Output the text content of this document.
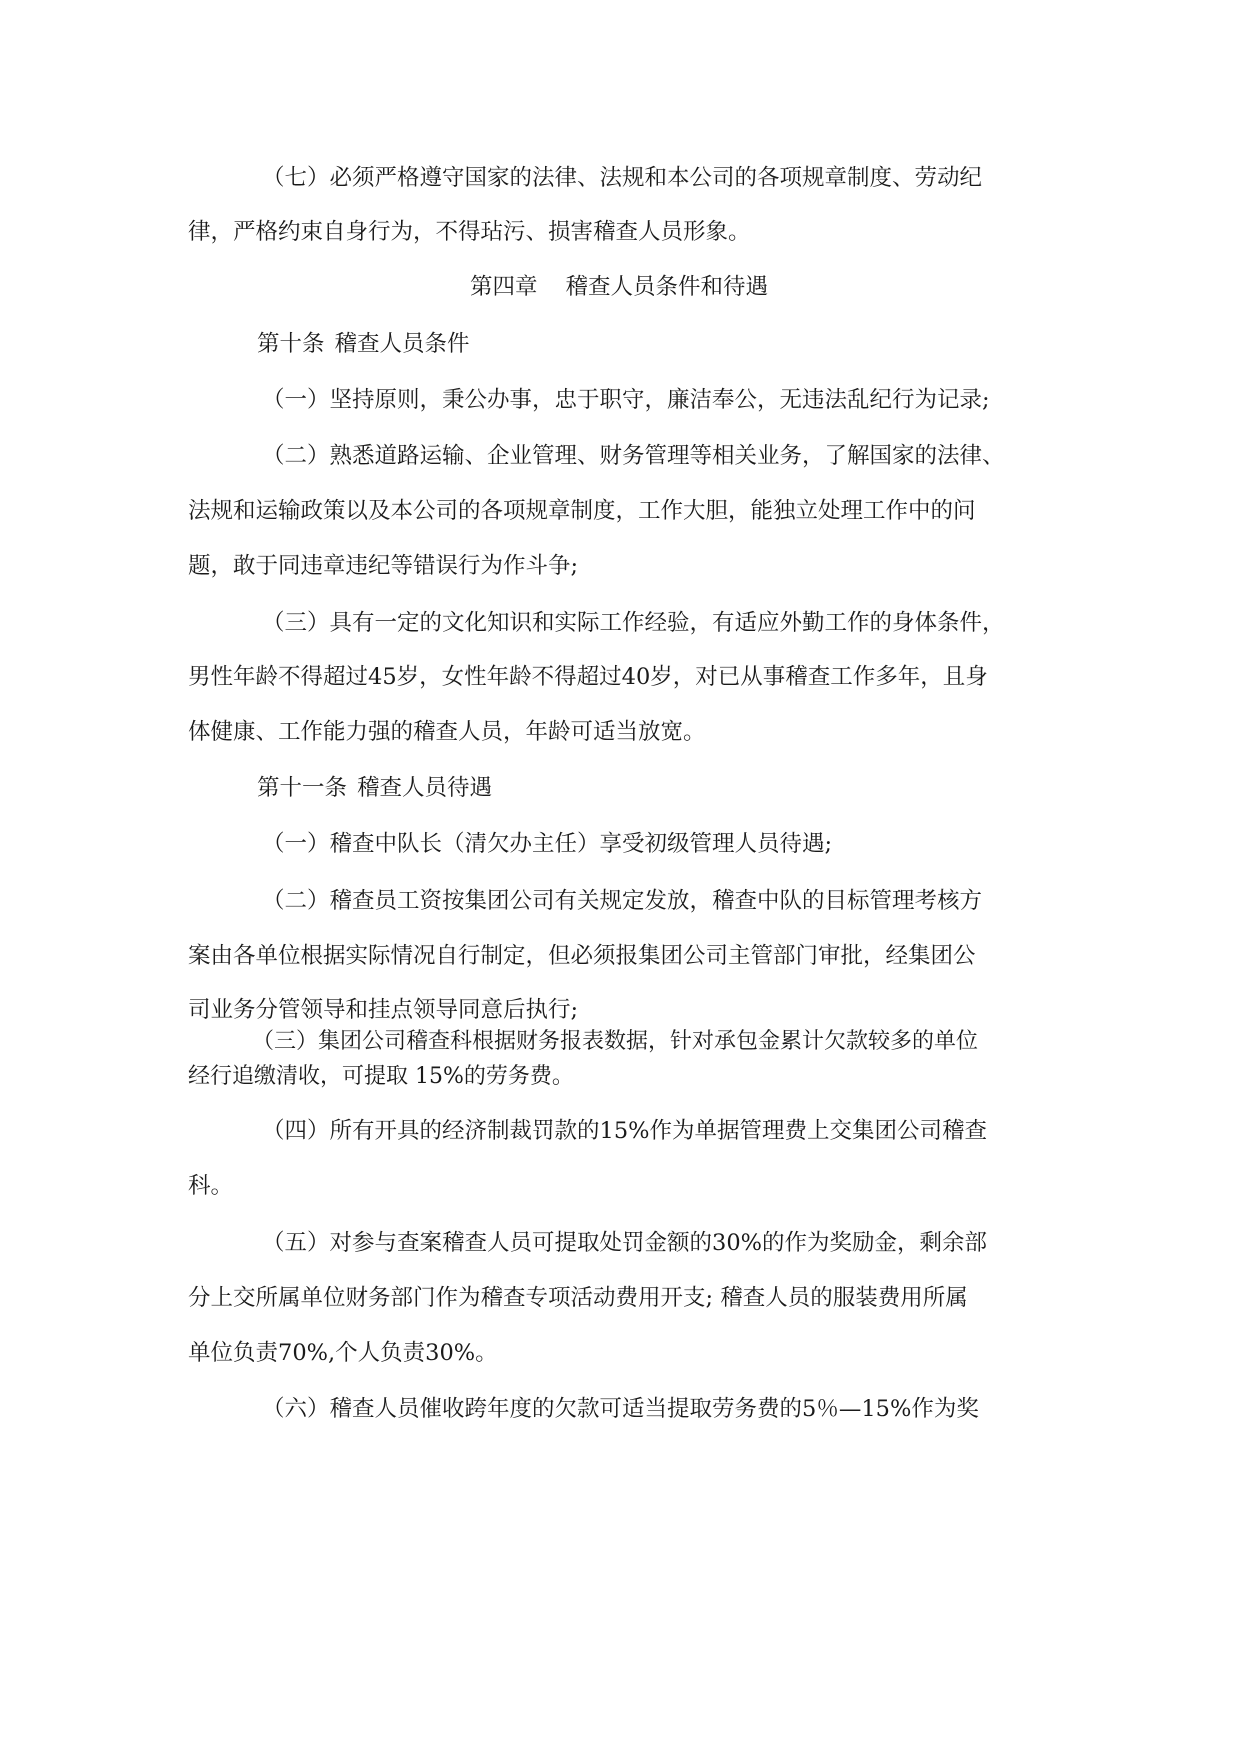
（七）必须严格遵守国家的法律、法规和本公司的各项规章制度、劳动纪
律，严格约束自身行为，不得玷污、损害稽查人员形象。
第四章 稽查人员条件和待遇
第十条 稽查人员条件
（一）坚持原则，秉公办事，忠于职守，廉洁奉公，无违法乱纪行为记录;
（二）熟悉道路运输、企业管理、财务管理等相关业务，了解国家的法律、
法规和运输政策以及本公司的各项规章制度，工作大胆，能独立处理工作中的问
题，敢于同违章违纪等错误行为作斗争;
（三）具有一定的文化知识和实际工作经验，有适应外勤工作的身体条件，
男性年龄不得超过45岁，女性年龄不得超过40岁，对已从事稽查工作多年，且身
体健康、工作能力强的稽查人员，年龄可适当放宽。
第十一条 稽查人员待遇
（一）稽查中队长（清欠办主任）享受初级管理人员待遇;
（二）稽查员工资按集团公司有关规定发放，稽查中队的目标管理考核方
案由各单位根据实际情况自行制定，但必须报集团公司主管部门审批，经集团公
司业务分管领导和挂点领导同意后执行;
（三）集团公司稽查科根据财务报表数据，针对承包金累计欠款较多的单位
经行追缴清收，可提取 15%的劳务费。
（四）所有开具的经济制裁罚款的15%作为单据管理费上交集团公司稽查
科。
（五）对参与查案稽查人员可提取处罚金额的30%的作为奖励金，剩余部
分上交所属单位财务部门作为稽查专项活动费用开支; 稽查人员的服装费用所属
单位负责70%,个人负责30%。
（六）稽查人员催收跨年度的欠款可适当提取劳务费的5％—15%作为奖
